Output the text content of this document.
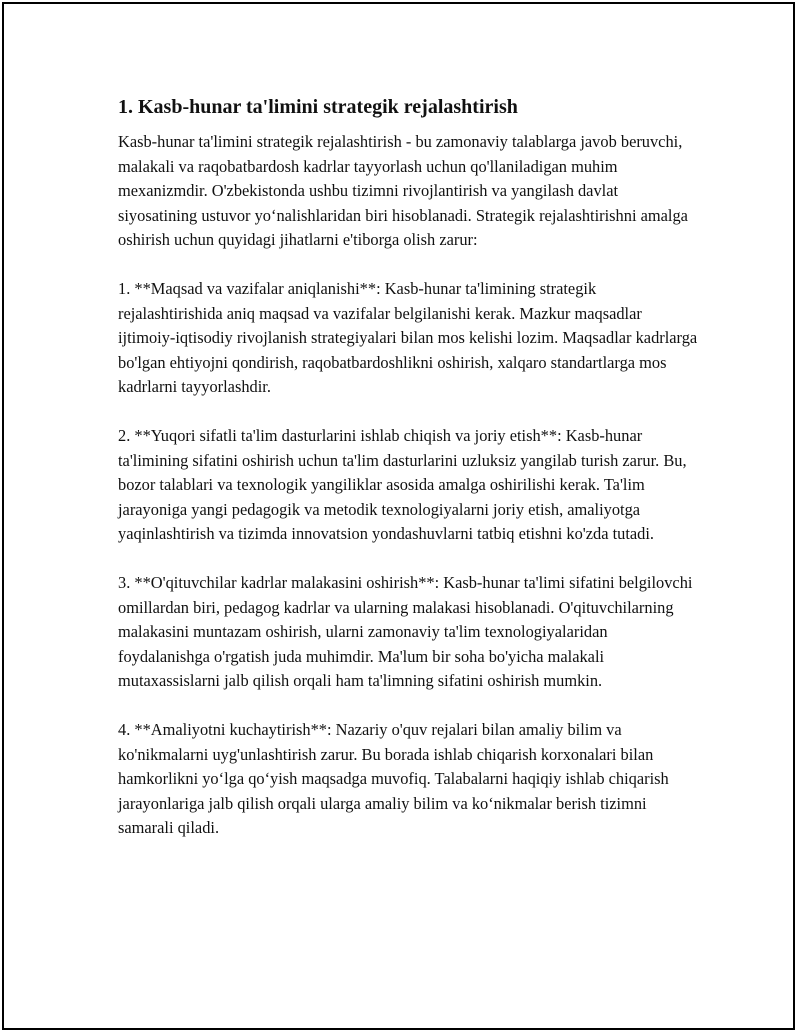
1. Kasb-hunar ta'limini strategik rejalashtirish

Kasb-hunar ta'limini strategik rejalashtirish - bu zamonaviy talablarga javob beruvchi, malakali va raqobatbardosh kadrlar tayyorlash uchun qo'llaniladigan muhim mexanizmdir. O'zbekistonda ushbu tizimni rivojlantirish va yangilash davlat siyosatining ustuvor yo‘nalishlaridan biri hisoblanadi. Strategik rejalashtirishni amalga oshirish uchun quyidagi jihatlarni e'tiborga olish zarur:

1. **Maqsad va vazifalar aniqlanishi**: Kasb-hunar ta'limining strategik rejalashtirishida aniq maqsad va vazifalar belgilanishi kerak. Mazkur maqsadlar ijtimoiy-iqtisodiy rivojlanish strategiyalari bilan mos kelishi lozim. Maqsadlar kadrlarga bo'lgan ehtiyojni qondirish, raqobatbardoshlikni oshirish, xalqaro standartlarga mos kadrlarni tayyorlashdir.

2. **Yuqori sifatli ta'lim dasturlarini ishlab chiqish va joriy etish**: Kasb-hunar ta'limining sifatini oshirish uchun ta'lim dasturlarini uzluksiz yangilab turish zarur. Bu, bozor talablari va texnologik yangiliklar asosida amalga oshirilishi kerak. Ta'lim jarayoniga yangi pedagogik va metodik texnologiyalarni joriy etish, amaliyotga yaqinlashtirish va tizimda innovatsion yondashuvlarni tatbiq etishni ko'zda tutadi.

3. **O'qituvchilar kadrlar malakasini oshirish**: Kasb-hunar ta'limi sifatini belgilovchi omillardan biri, pedagog kadrlar va ularning malakasi hisoblanadi. O'qituvchilarning malakasini muntazam oshirish, ularni zamonaviy ta'lim texnologiyalaridan foydalanishga o'rgatish juda muhimdir. Ma'lum bir soha bo'yicha malakali mutaxassislarni jalb qilish orqali ham ta'limning sifatini oshirish mumkin.

4. **Amaliyotni kuchaytirish**: Nazariy o'quv rejalari bilan amaliy bilim va ko'nikmalarni uyg'unlashtirish zarur. Bu borada ishlab chiqarish korxonalari bilan hamkorlikni yo‘lga qo‘yish maqsadga muvofiq. Talabalarni haqiqiy ishlab chiqarish jarayonlariga jalb qilish orqali ularga amaliy bilim va ko‘nikmalar berish tizimni samarali qiladi.
